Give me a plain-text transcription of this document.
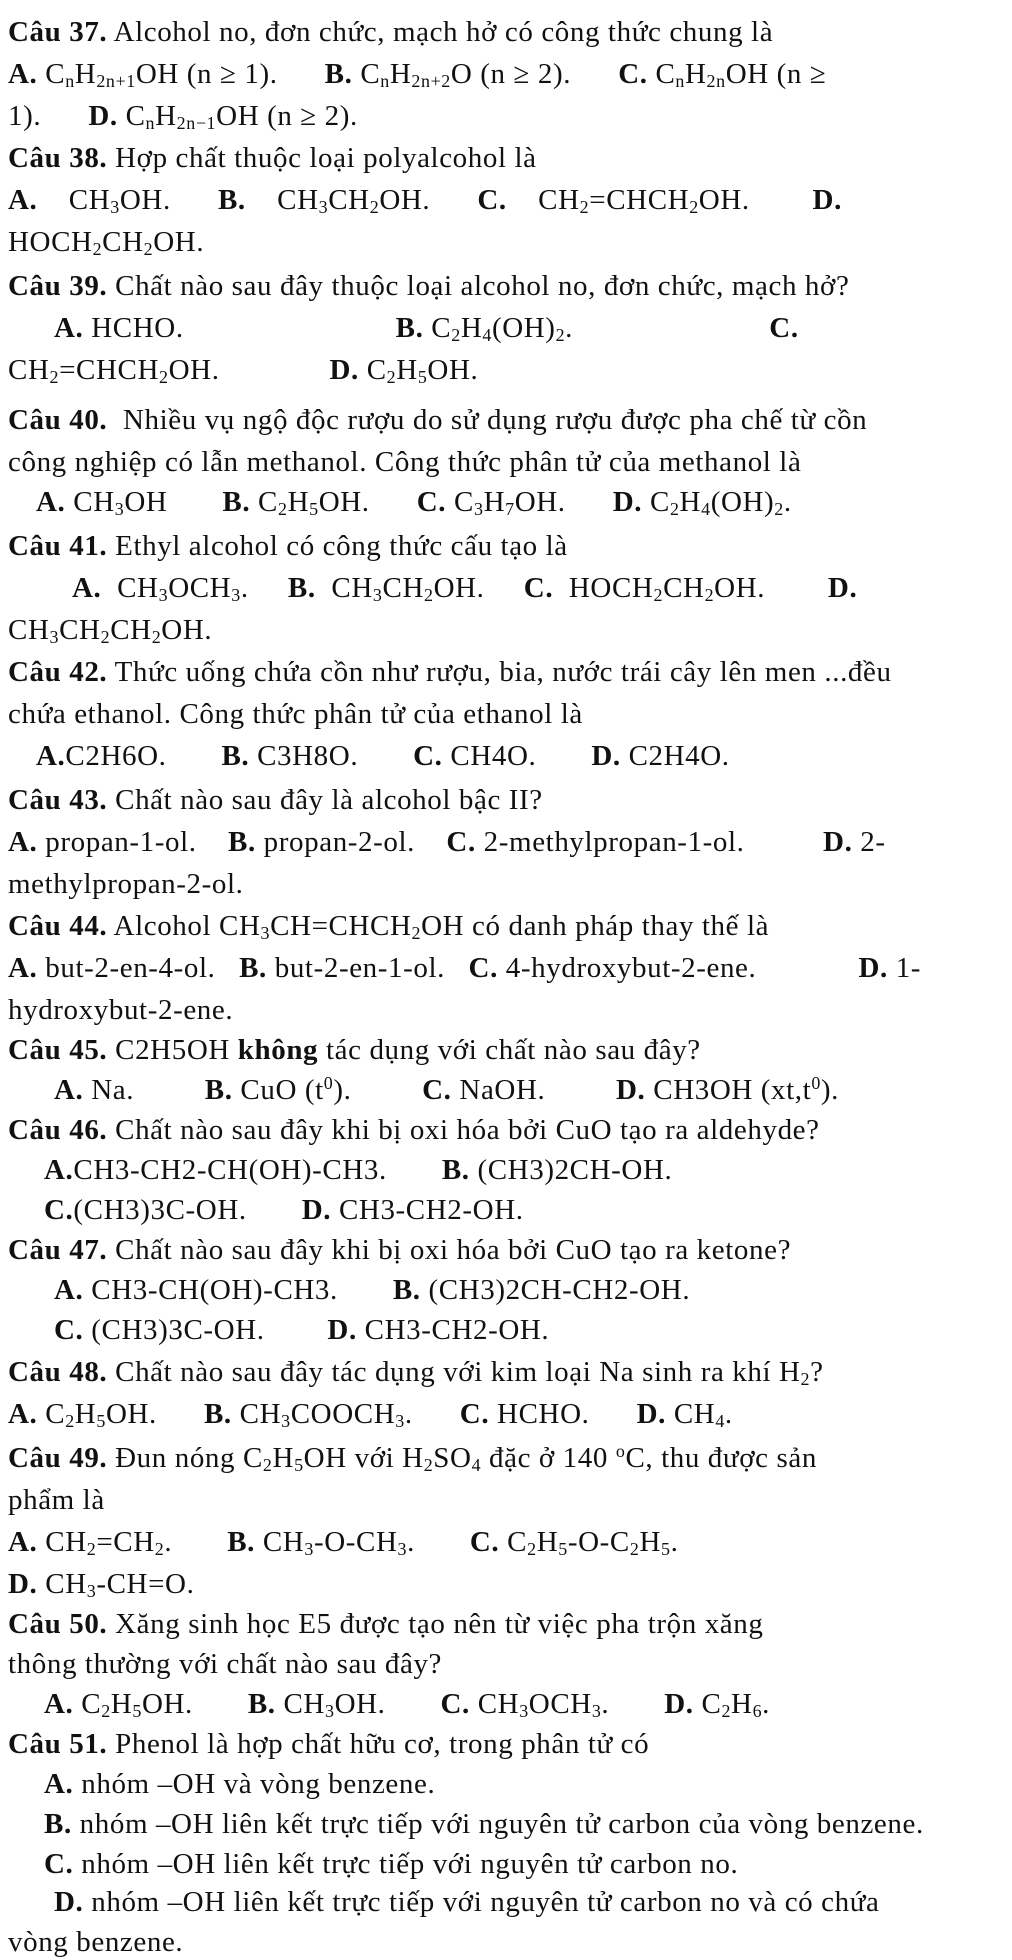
Câu 37. Alcohol no, đơn chức, mạch hở có công thức chung là
A. $C_nH_{2n+1}OH$ (n ≥ 1).      B. $C_nH_{2n+2}O$ (n ≥ 2).      C. $C_nH_{2n}OH$ (n ≥
1).      D. $C_nH_{2n-1}OH$ (n ≥ 2).
Câu 38. Hợp chất thuộc loại polyalcohol là
A.    $CH_3OH$.      B.    $CH_3CH_2OH$.      C.    $CH_2=CHCH_2OH$.        D.
$HOCH_2CH_2OH$.
Câu 39. Chất nào sau đây thuộc loại alcohol no, đơn chức, mạch hở?
A. HCHO.                           B. $C_2H_4(OH)_2$.                         C.
$CH_2=CHCH_2OH$.              D. $C_2H_5OH$.
Câu 40.  Nhiều vụ ngộ độc rượu do sử dụng rượu được pha chế từ cồn
công nghiệp có lẫn methanol. Công thức phân tử của methanol là
A. $CH_3OH$       B. $C_2H_5OH$.      C. $C_3H_7OH$.      D. $C_2H_4(OH)_2$.
Câu 41. Ethyl alcohol có công thức cấu tạo là
A.  $CH_3OCH_3$.     B.  $CH_3CH_2OH$.     C.  $HOCH_2CH_2OH$.        D.
$CH_3CH_2CH_2OH$.
Câu 42. Thức uống chứa cồn như rượu, bia, nước trái cây lên men ...đều
chứa ethanol. Công thức phân tử của ethanol là
A.C2H6O.       B. C3H8O.       C. CH4O.       D. C2H4O.
Câu 43. Chất nào sau đây là alcohol bậc II?
A. propan-1-ol.    B. propan-2-ol.    C. 2-methylpropan-1-ol.          D. 2-
methylpropan-2-ol.
Câu 44. Alcohol $CH_3CH=CHCH_2OH$ có danh pháp thay thế là
A. but-2-en-4-ol.   B. but-2-en-1-ol.   C. 4-hydroxybut-2-ene.             D. 1-
hydroxybut-2-ene.
Câu 45. C2H5OH không tác dụng với chất nào sau đây?
A. Na.         B. CuO $(t^0)$.         C. NaOH.         D. CH3OH $(xt,t^0)$.
Câu 46. Chất nào sau đây khi bị oxi hóa bởi CuO tạo ra aldehyde?
A.CH3-CH2-CH(OH)-CH3.       B. (CH3)2CH-OH.
C.(CH3)3C-OH.       D. CH3-CH2-OH.
Câu 47. Chất nào sau đây khi bị oxi hóa bởi CuO tạo ra ketone?
A. CH3-CH(OH)-CH3.       B. (CH3)2CH-CH2-OH.
C. (CH3)3C-OH.        D. CH3-CH2-OH.
Câu 48. Chất nào sau đây tác dụng với kim loại Na sinh ra khí $H_2$?
A. $C_2H_5OH$.      B. $CH_3COOCH_3$.      C. HCHO.      D. $CH_4$.
Câu 49. Đun nóng $C_2H_5OH$ với $H_2SO_4$ đặc ở 140 $^o$C, thu được sản
phẩm là
A. $CH_2=CH_2$.       B. $CH_3-O-CH_3$.       C. $C_2H_5-O-C_2H_5$.
D. $CH_3-CH=O$.
Câu 50. Xăng sinh học E5 được tạo nên từ việc pha trộn xăng
thông thường với chất nào sau đây?
A. $C_2H_5OH$.       B. $CH_3OH$.       C. $CH_3OCH_3$.       D. $C_2H_6$.
Câu 51. Phenol là hợp chất hữu cơ, trong phân tử có
A. nhóm –OH và vòng benzene.
B. nhóm –OH liên kết trực tiếp với nguyên tử carbon của vòng benzene.
C. nhóm –OH liên kết trực tiếp với nguyên tử carbon no.
D. nhóm –OH liên kết trực tiếp với nguyên tử carbon no và có chứa
vòng benzene.
